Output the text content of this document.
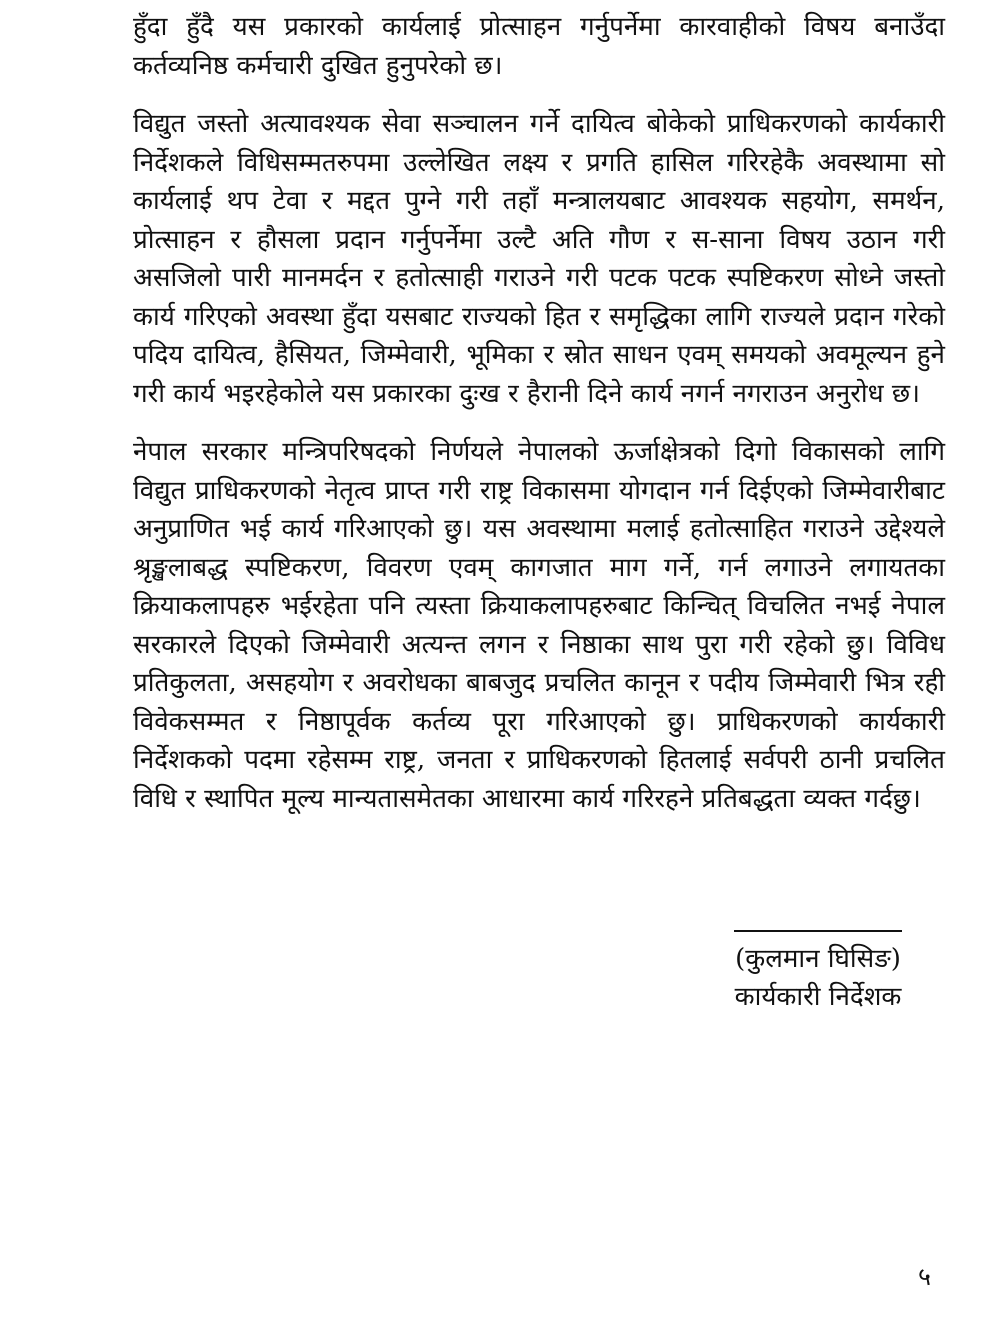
हुँदा हुँदै यस प्रकारको कार्यलाई प्रोत्साहन गर्नुपर्नेमा कारवाहीको विषय बनाउँदा कर्तव्यनिष्ठ कर्मचारी दुखित हुनुपरेको छ।

विद्युत जस्तो अत्यावश्यक सेवा सञ्चालन गर्ने दायित्व बोकेको प्राधिकरणको कार्यकारी निर्देशकले विधिसम्मतरुपमा उल्लेखित लक्ष्य र प्रगति हासिल गरिरहेकै अवस्थामा सो कार्यलाई थप टेवा र मद्दत पुग्ने गरी तहाँ मन्त्रालयबाट आवश्यक सहयोग, समर्थन, प्रोत्साहन र हौसला प्रदान गर्नुपर्नेमा उल्टै अति गौण र स-साना विषय उठान गरी असजिलो पारी मानमर्दन र हतोत्साही गराउने गरी पटक पटक स्पष्टिकरण सोध्ने जस्तो कार्य गरिएको अवस्था हुँदा यसबाट राज्यको हित र समृद्धिका लागि राज्यले प्रदान गरेको पदिय दायित्व, हैसियत, जिम्मेवारी, भूमिका र स्रोत साधन एवम् समयको अवमूल्यन हुने गरी कार्य भइरहेकोले यस प्रकारका दुःख र हैरानी दिने कार्य नगर्न नगराउन अनुरोध छ।

नेपाल सरकार मन्त्रिपरिषदको निर्णयले नेपालको ऊर्जाक्षेत्रको दिगो विकासको लागि विद्युत प्राधिकरणको नेतृत्व प्राप्त गरी राष्ट्र विकासमा योगदान गर्न दिईएको जिम्मेवारीबाट अनुप्राणित भई कार्य गरिआएको छु। यस अवस्थामा मलाई हतोत्साहित गराउने उद्देश्यले श्रृङ्खलाबद्ध स्पष्टिकरण, विवरण एवम् कागजात माग गर्ने, गर्न लगाउने लगायतका क्रियाकलापहरु भईरहेता पनि त्यस्ता क्रियाकलापहरुबाट किन्चित् विचलित नभई नेपाल सरकारले दिएको जिम्मेवारी अत्यन्त लगन र निष्ठाका साथ पुरा गरी रहेको छु। विविध प्रतिकुलता, असहयोग र अवरोधका बाबजुद प्रचलित कानून र पदीय जिम्मेवारी भित्र रही विवेकसम्मत र निष्ठापूर्वक कर्तव्य पूरा गरिआएको छु। प्राधिकरणको कार्यकारी निर्देशकको पदमा रहेसम्म राष्ट्र, जनता र प्राधिकरणको हितलाई सर्वपरी ठानी प्रचलित विधि र स्थापित मूल्य मान्यतासमेतका आधारमा कार्य गरिरहने प्रतिबद्धता व्यक्त गर्दछु।

(कुलमान घिसिङ)
कार्यकारी निर्देशक
५
